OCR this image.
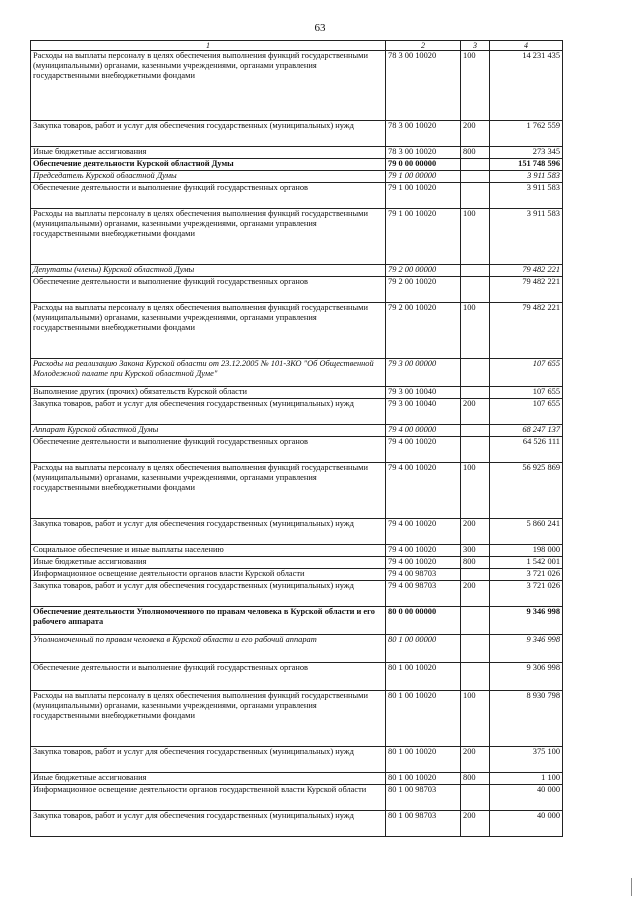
63
1	2	3	4
Расходы на выплаты персоналу в целях обеспечения выполнения функций государственными (муниципальными) органами, казенными учреждениями, органами управления государственными внебюджетными фондами	78 3 00 10020	100	14 231 435
Закупка товаров, работ и услуг для обеспечения государственных (муниципальных) нужд	78 3 00 10020	200	1 762 559
Иные бюджетные ассигнования	78 3 00 10020	800	273 345
Обеспечение деятельности Курской областной Думы	79 0 00 00000		151 748 596
Председатель Курской областной Думы	79 1 00 00000		3 911 583
Обеспечение деятельности и выполнение функций государственных органов	79 1 00 10020		3 911 583
Расходы на выплаты персоналу в целях обеспечения выполнения функций государственными (муниципальными) органами, казенными учреждениями, органами управления государственными внебюджетными фондами	79 1 00 10020	100	3 911 583
Депутаты (члены) Курской областной Думы	79 2 00 00000		79 482 221
Обеспечение деятельности и выполнение функций государственных органов	79 2 00 10020		79 482 221
Расходы на выплаты персоналу в целях обеспечения выполнения функций государственными (муниципальными) органами, казенными учреждениями, органами управления государственными внебюджетными фондами	79 2 00 10020	100	79 482 221
Расходы на реализацию Закона Курской области от 23.12.2005 № 101-ЗКО "Об Общественной Молодежной палате при Курской областной Думе"	79 3 00 00000		107 655
Выполнение других (прочих) обязательств Курской области	79 3 00 10040		107 655
Закупка товаров, работ и услуг для обеспечения государственных (муниципальных) нужд	79 3 00 10040	200	107 655
Аппарат Курской областной Думы	79 4 00 00000		68 247 137
Обеспечение деятельности и выполнение функций государственных органов	79 4 00 10020		64 526 111
Расходы на выплаты персоналу в целях обеспечения выполнения функций государственными (муниципальными) органами, казенными учреждениями, органами управления государственными внебюджетными фондами	79 4 00 10020	100	56 925 869
Закупка товаров, работ и услуг для обеспечения государственных (муниципальных) нужд	79 4 00 10020	200	5 860 241
Социальное обеспечение и иные выплаты населению	79 4 00 10020	300	198 000
Иные бюджетные ассигнования	79 4 00 10020	800	1 542 001
Информационное освещение деятельности органов власти Курской области	79 4 00 98703		3 721 026
Закупка товаров, работ и услуг для обеспечения государственных (муниципальных) нужд	79 4 00 98703	200	3 721 026
Обеспечение деятельности Уполномоченного по правам человека в Курской области и его рабочего аппарата	80 0 00 00000		9 346 998
Уполномоченный по правам человека в Курской области и его рабочий аппарат	80 1 00 00000		9 346 998
Обеспечение деятельности и выполнение функций государственных органов	80 1 00 10020		9 306 998
Расходы на выплаты персоналу в целях обеспечения выполнения функций государственными (муниципальными) органами, казенными учреждениями, органами управления государственными внебюджетными фондами	80 1 00 10020	100	8 930 798
Закупка товаров, работ и услуг для обеспечения государственных (муниципальных) нужд	80 1 00 10020	200	375 100
Иные бюджетные ассигнования	80 1 00 10020	800	1 100
Информационное освещение деятельности органов государственной власти Курской области	80 1 00 98703		40 000
Закупка товаров, работ и услуг для обеспечения государственных (муниципальных) нужд	80 1 00 98703	200	40 000
